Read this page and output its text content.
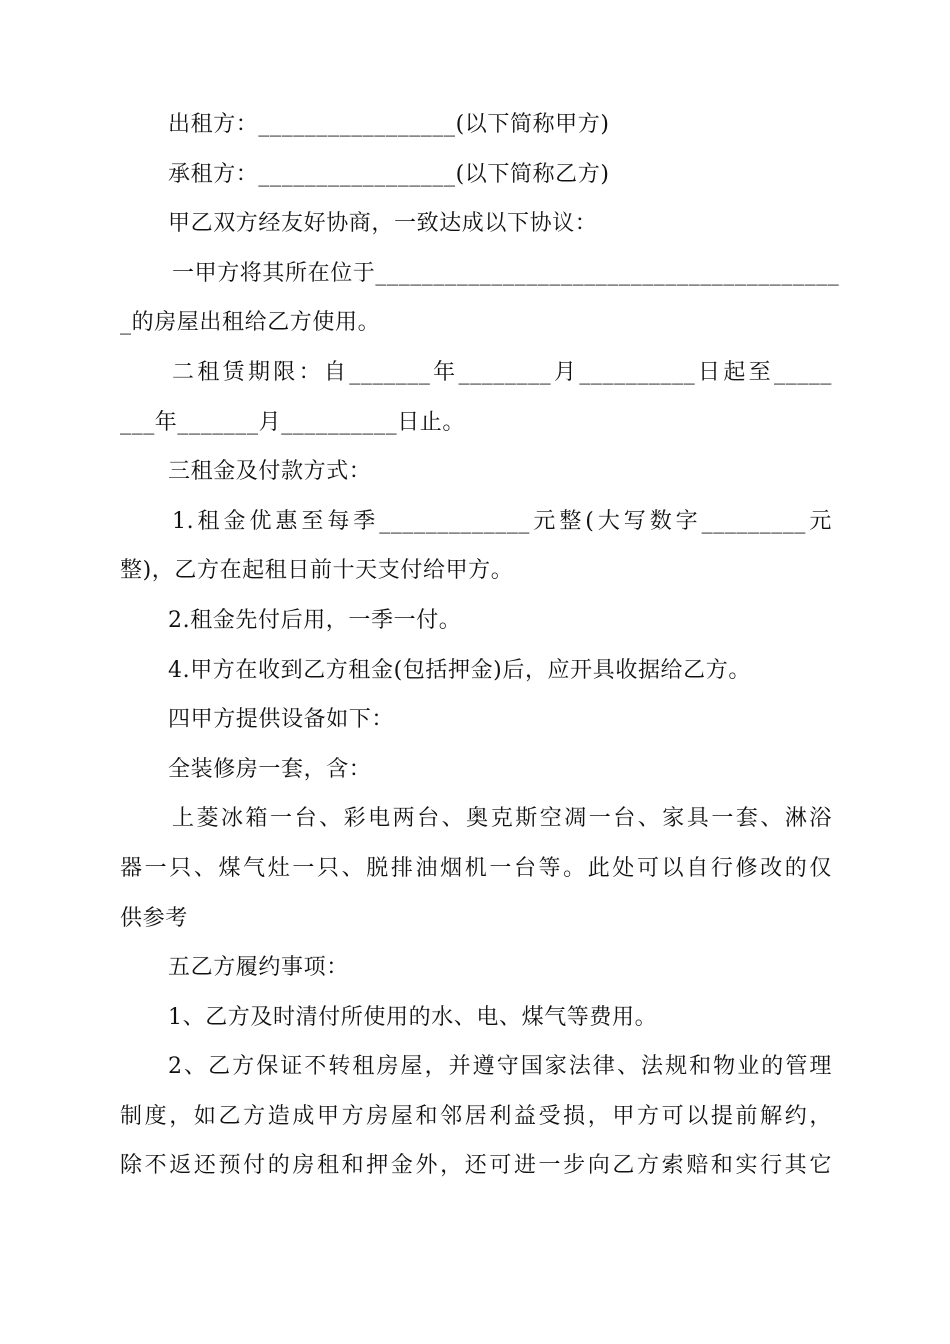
出租方：_________________(以下简称甲方)
承租方：_________________(以下简称乙方)
甲乙双方经友好协商，一致达成以下协议：
一甲方将其所在位于________________________________________
_的房屋出租给乙方使用。
二租赁期限：自_______年________月__________日起至_____
___年_______月__________日止。
三租金及付款方式：
1.租金优惠至每季_____________元整(大写数字_________元
整)，乙方在起租日前十天支付给甲方。
2.租金先付后用，一季一付。
4.甲方在收到乙方租金(包括押金)后，应开具收据给乙方。
四甲方提供设备如下：
全装修房一套，含：
上菱冰箱一台、彩电两台、奥克斯空凋一台、家具一套、淋浴
器一只、煤气灶一只、脱排油烟机一台等。此处可以自行修改的仅
供参考
五乙方履约事项：
1、乙方及时清付所使用的水、电、煤气等费用。
2、乙方保证不转租房屋，并遵守国家法律、法规和物业的管理
制度，如乙方造成甲方房屋和邻居利益受损，甲方可以提前解约，
除不返还预付的房租和押金外，还可进一步向乙方索赔和实行其它
